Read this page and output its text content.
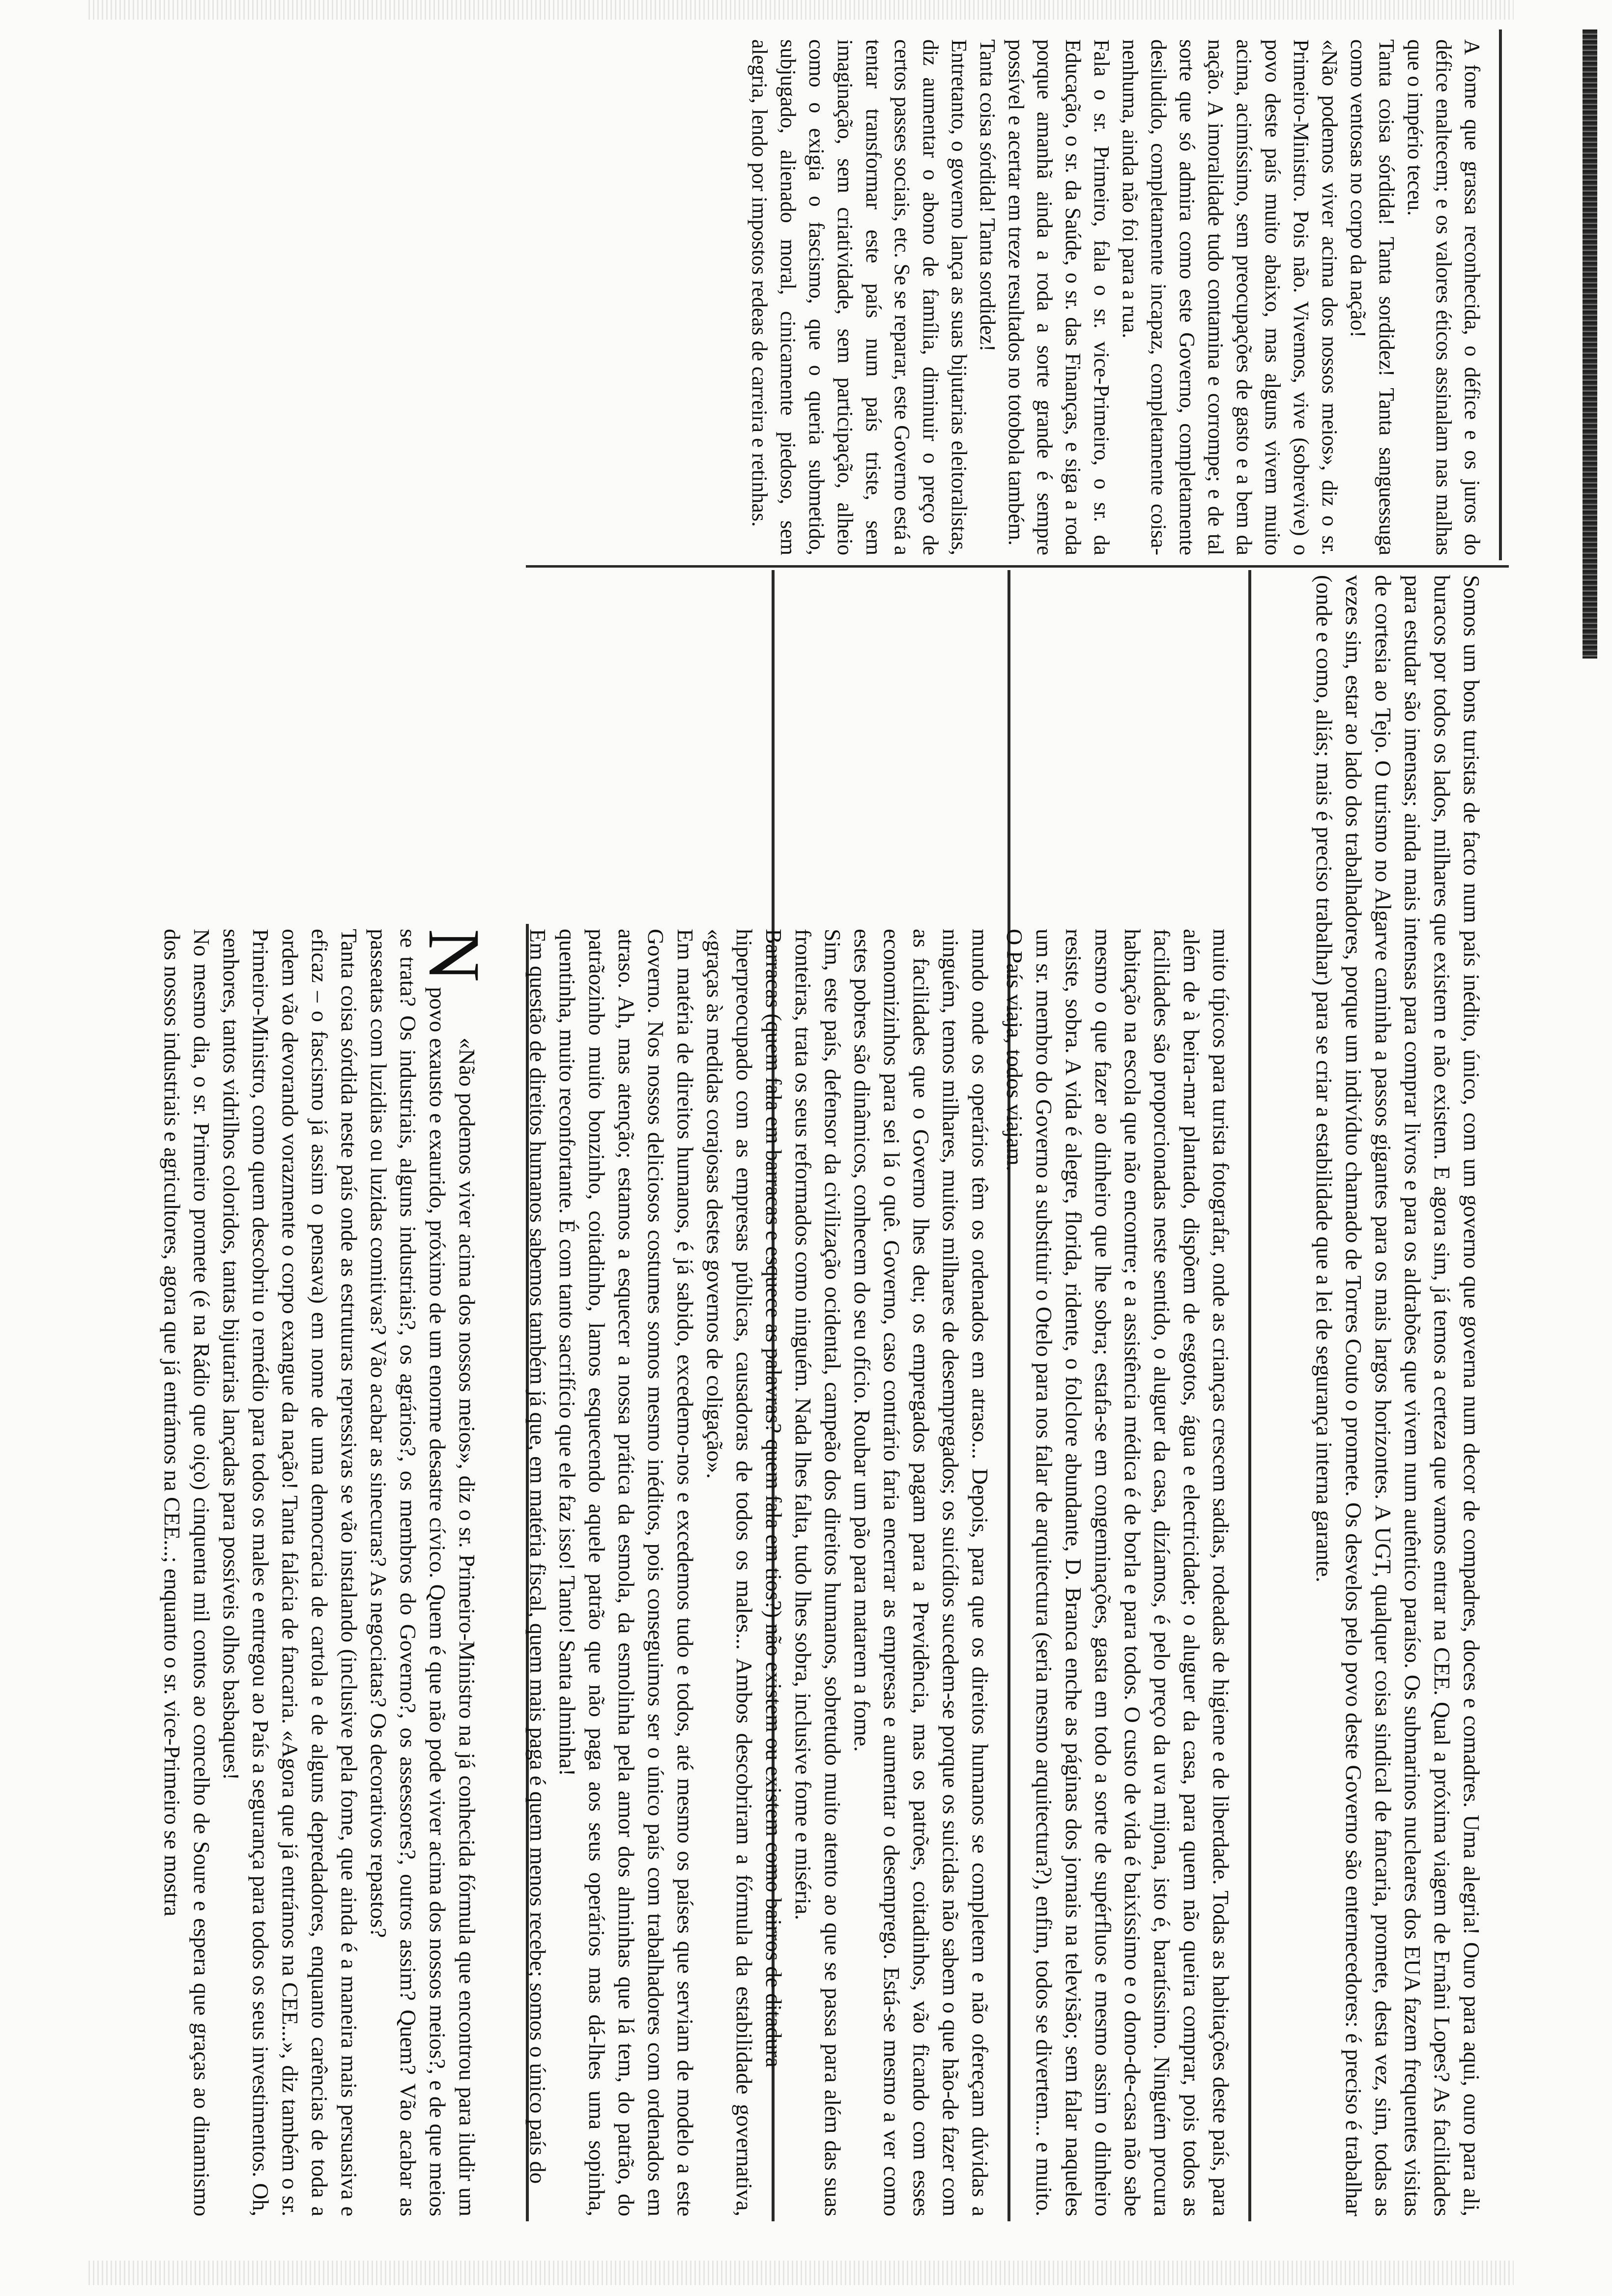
N
«Não podemos viver acima dos nossos meios», diz o sr. Primeiro-Ministro na já conhecida fórmula que encontrou para iludir um povo exausto e exaurido, próximo de um enorme desastre cívico. Quem é que não pode viver acima dos nossos meios?, e de que meios se trata? Os industriais, alguns industriais?, os agrários?, os membros do Governo?, os assessores?, outros assim? Quem? Vão acabar as passeatas com luzidias ou luzidas comitivas? Vão acabar as sinecuras? As negociatas? Os decorativos repastos?
Tanta coisa sórdida neste país onde as estruturas repressivas se vão instalando (inclusive pela fome, que ainda é a maneira mais persuasiva e eficaz – o fascismo já assim o pensava) em nome de uma democracia de cartola e de alguns depredadores, enquanto carências de toda a ordem vão devorando vorazmente o corpo exangue da nação! Tanta falácia de fancaria. «Agora que já entrámos na CEE...», diz também o sr. Primeiro-Ministro, como quem descobriu o remédio para todos os males e entregou ao País a segurança para todos os seus investimentos. Oh, senhores, tantos vidrilhos coloridos, tantas bijutarias lançadas para possíveis olhos basbaques!
No mesmo dia, o sr. Primeiro promete (é na Rádio que oiço) cinquenta mil contos ao concelho de Soure e espera que graças ao dinamismo dos nossos industriais e agricultores, agora que já entrámos na CEE...; enquanto o sr. vice-Primeiro se mostra

hiperpreocupado com as empresas públicas, causadoras de todos os males... Ambos descobriram a fórmula da estabilidade governativa, «graças às medidas corajosas destes governos de coligação».
Em matéria de direitos humanos, é já sabido, excedemo-nos e excedemos tudo e todos, até mesmo os países que serviam de modelo a este Governo. Nos nossos deliciosos costumes somos mesmo inéditos, pois conseguimos ser o único país com trabalhadores com ordenados em atraso. Ah, mas atenção; estamos a esquecer a nossa prática da esmola, da esmolinha pela amor dos alminhas que lá tem, do patrão, do patrãozinho muito bonzinho, coitadinho, lamos esquecendo aquele patrão que não paga aos seus operários mas dá-lhes uma sopinha, quentinha, muito reconfortante. É com tanto sacrifício que ele faz isso! Tanto! Santa alminha!
Em questão de direitos humanos sabemos também já que, em matéria fiscal, quem mais paga é quem menos recebe; somos o único país do

mundo onde os operários têm os ordenados em atraso... Depois, para que os direitos humanos se completem e não ofereçam dúvidas a ninguém, temos milhares, muitos milhares de desempregados; os suicídios sucedem-se porque os suicidas não sabem o que hão-de fazer com as facilidades que o Governo lhes deu; os empregados pagam para a Previdência, mas os patrões, coitadinhos, vão ficando com esses economizinhos para sei lá o quê. Governo, caso contrário faria encerrar as empresas e aumentar o desemprego. Está-se mesmo a ver como estes pobres são dinâmicos, conhecem do seu ofício. Roubar um pão para matarem a fome.
Sim, este país, defensor da civilização ocidental, campeão dos direitos humanos, sobretudo muito atento ao que se passa para além das suas fronteiras, trata os seus reformados como ninguém. Nada lhes falta, tudo lhes sobra, inclusive fome e miséria.
Barracas (quem fala em barracas e esquece as palavras? quem fala em tios?) não existem ou existem como bairros de ditadura	muito típicos para turista fotografar, onde as crianças crescem sadias, rodeadas de higiene e de liberdade. Todas as habitações deste país, para além de à beira-mar plantado, dispõem de esgotos, água e electricidade; o aluguer da casa, para quem não queira comprar, pois todos as facilidades são proporcionadas neste sentido, o aluguer da casa, dizíamos, é pelo preço da uva mijona, isto é, baratíssimo. Ninguém procura habitação na escola que não encontre; e a assistência médica é de borla e para todos. O custo de vida é baixíssimo e o dono-de-casa não sabe mesmo o que fazer ao dinheiro que lhe sobra; estafa-se em congeminações, gasta em todo a sorte de supérfluos e mesmo assim o dinheiro resiste, sobra. A vida é alegre, florida, ridente, o folclore abundante, D. Branca enche as páginas dos jornais na televisão; sem falar naqueles um sr. membro do Governo a substituir o Otelo para nos falar de arquitectura (seria mesmo arquitectura?), enfim, todos se divertem... e muito. O País viaja, todos viajam.	Somos um bons turistas de facto num país inédito, único, com um governo que governa num decor de compadres, doces e comadres. Uma alegria! Ouro para aqui, ouro para ali, buracos por todos os lados, milhares que existem e não existem. E agora sim, já temos a certeza que vamos entrar na CEE. Qual a próxima viagem de Ernâni Lopes? As facilidades para estudar são imensas; ainda mais intensas para comprar livros e para os aldrabões que vivem num autêntico paraíso. Os submarinos nucleares dos EUA fazem frequentes visitas de cortesia ao Tejo. O turismo no Algarve caminha a passos gigantes para os mais largos horizontes. A UGT, qualquer coisa sindical de fancaria, promete, desta vez, sim, todas as vezes sim, estar ao lado dos trabalhadores, porque um indivíduo chamado de Torres Couto o promete. Os desvelos pelo povo deste Governo são enternecedores: é preciso é trabalhar (onde e como, aliás; mais é preciso trabalhar) para se criar a estabilidade que a lei de segurança interna garante.

A fome que grassa reconhecida, o défice e os juros do défice enaltecem; e os valores éticos assinalam nas malhas que o império teceu.
Tanta coisa sórdida! Tanta sordidez! Tanta sanguessuga como ventosas no corpo da nação!
«Não podemos viver acima dos nossos meios», diz o sr. Primeiro-Ministro. Pois não. Vivemos, vive (sobrevive) o povo deste país muito abaixo, mas alguns vivem muito acima, acimíssimo, sem preocupações de gasto e a bem da nação. A imoralidade tudo contamina e corrompe; e de tal sorte que só admira como este Governo, completamente desiludido, completamente incapaz, completamente coisa-nenhuma, ainda não foi para a rua.
Fala o sr. Primeiro, fala o sr. vice-Primeiro, o sr. da Educação, o sr. da Saúde, o sr. das Finanças, e siga a roda porque amanhã ainda a roda a sorte grande é sempre possível e acertar em treze resultados no totobola também.
Tanta coisa sórdida! Tanta sordidez!
Entretanto, o governo lança as suas bijutarias eleitoralistas, diz aumentar o abono de família, diminuir o preço de certos passes sociais, etc. Se se reparar, este Governo está a tentar transformar este país num país triste, sem imaginação, sem criatividade, sem participação, alheio como o exigia o fascismo, que o queria submetido, subjugado, alienado moral, cinicamente piedoso, sem alegria, lendo por impostos redeas de carreira e retinhas.
